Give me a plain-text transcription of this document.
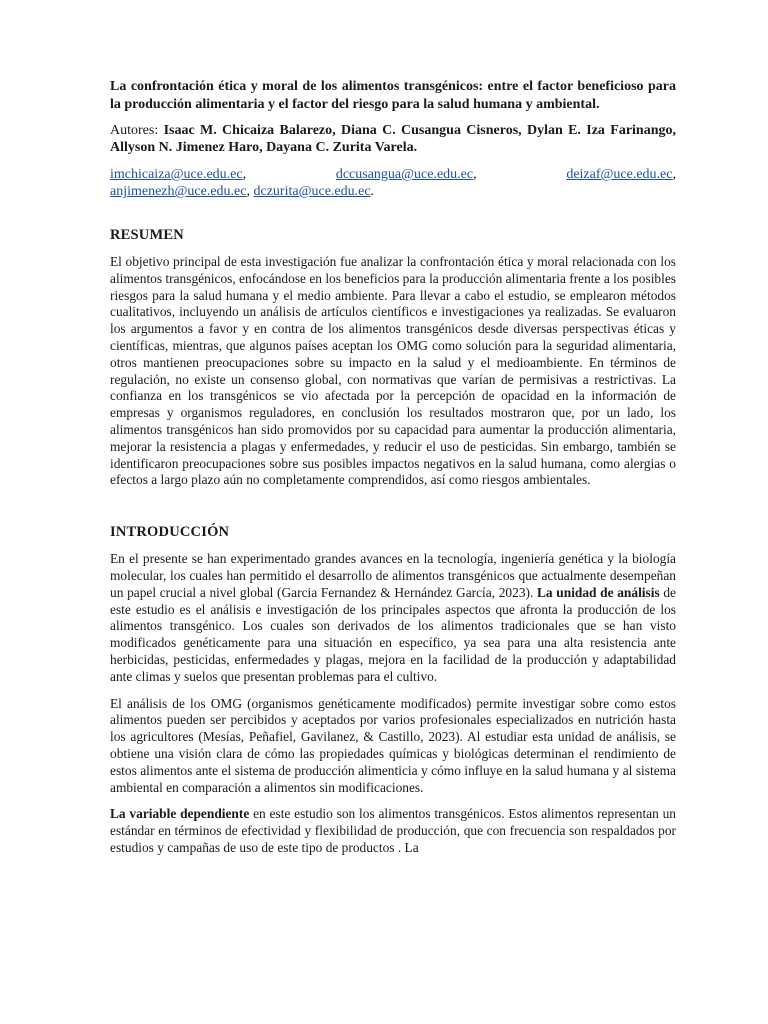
La confrontación ética y moral de los alimentos transgénicos: entre el factor beneficioso para la producción alimentaria y el factor del riesgo para la salud humana y ambiental.

Autores: Isaac M. Chicaiza Balarezo, Diana C. Cusangua Cisneros, Dylan E. Iza Farinango, Allyson N. Jimenez Haro, Dayana C. Zurita Varela.

imchicaiza@uce.edu.ec,	dccusangua@uce.edu.ec,	deizaf@uce.edu.ec,
anjimenezh@uce.edu.ec, dczurita@uce.edu.ec.
RESUMEN

El objetivo principal de esta investigación fue analizar la confrontación ética y moral relacionada con los alimentos transgénicos, enfocándose en los beneficios para la producción alimentaria frente a los posibles riesgos para la salud humana y el medio ambiente. Para llevar a cabo el estudio, se emplearon métodos cualitativos, incluyendo un análisis de artículos científicos e investigaciones ya realizadas. Se evaluaron los argumentos a favor y en contra de los alimentos transgénicos desde diversas perspectivas éticas y científicas, mientras, que algunos países aceptan los OMG como solución para la seguridad alimentaria, otros mantienen preocupaciones sobre su impacto en la salud y el medioambiente. En términos de regulación, no existe un consenso global, con normativas que varían de permisivas a restrictivas. La confianza en los transgénicos se vio afectada por la percepción de opacidad en la información de empresas y organismos reguladores, en conclusión los resultados mostraron que, por un lado, los alimentos transgénicos han sido promovidos por su capacidad para aumentar la producción alimentaria, mejorar la resistencia a plagas y enfermedades, y reducir el uso de pesticidas. Sin embargo, también se identificaron preocupaciones sobre sus posibles impactos negativos en la salud humana, como alergias o efectos a largo plazo aún no completamente comprendidos, así como riesgos ambientales.

INTRODUCCIÓN

En el presente se han experimentado grandes avances en la tecnología, ingeniería genética y la biología molecular, los cuales han permitido el desarrollo de alimentos transgénicos que actualmente desempeñan un papel crucial a nivel global (Garcia Fernandez & Hernández García, 2023). La unidad de análisis de este estudio es el análisis e investigación de los principales aspectos que afronta la producción de los alimentos transgénico. Los cuales son derivados de los alimentos tradicionales que se han visto modificados genéticamente para una situación en específico, ya sea para una alta resistencia ante herbicidas, pesticidas, enfermedades y plagas, mejora en la facilidad de la producción y adaptabilidad ante climas y suelos que presentan problemas para el cultivo.

El análisis de los OMG (organismos genéticamente modificados) permite investigar sobre como estos alimentos pueden ser percibidos y aceptados por varios profesionales especializados en nutrición hasta los agricultores (Mesías, Peñafiel, Gavilanez, & Castillo, 2023). Al estudiar esta unidad de análisis, se obtiene una visión clara de cómo las propiedades químicas y biológicas determinan el rendimiento de estos alimentos ante el sistema de producción alimenticia y cómo influye en la salud humana y al sistema ambiental en comparación a alimentos sin modificaciones.

La variable dependiente en este estudio son los alimentos transgénicos. Estos alimentos representan un estándar en términos de efectividad y flexibilidad de producción, que con frecuencia son respaldados por estudios y campañas de uso de este tipo de productos . La
